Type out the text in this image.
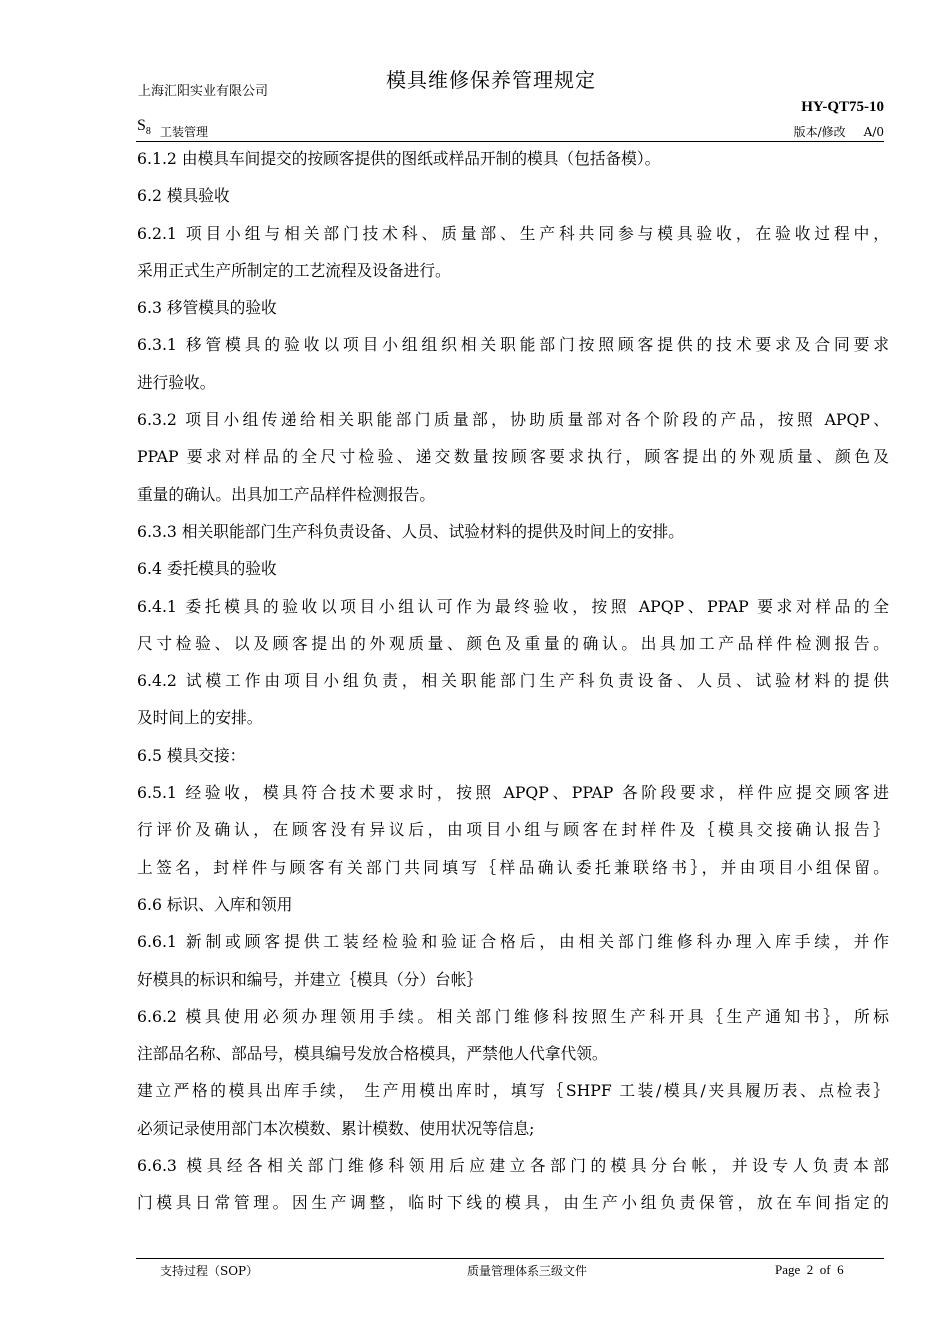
上海汇阳实业有限公司	模具维修保养管理规定
HY-QT75-10
$S_8$ 工装管理	版本/修改 A/0
6.1.2 由模具车间提交的按顾客提供的图纸或样品开制的模具（包括备模）。
6.2 模具验收
6.2.1 项目小组与相关部门技术科、质量部、生产科共同参与模具验收，在验收过程中，
采用正式生产所制定的工艺流程及设备进行。
6.3 移管模具的验收
6.3.1 移管模具的验收以项目小组组织相关职能部门按照顾客提供的技术要求及合同要求
进行验收。
6.3.2 项目小组传递给相关职能部门质量部，协助质量部对各个阶段的产品，按照 APQP、
PPAP 要求对样品的全尺寸检验、递交数量按顾客要求执行，顾客提出的外观质量、颜色及
重量的确认。出具加工产品样件检测报告。
6.3.3 相关职能部门生产科负责设备、人员、试验材料的提供及时间上的安排。
6.4 委托模具的验收
6.4.1 委托模具的验收以项目小组认可作为最终验收，按照 APQP、PPAP 要求对样品的全
尺寸检验、以及顾客提出的外观质量、颜色及重量的确认。出具加工产品样件检测报告。
6.4.2 试模工作由项目小组负责，相关职能部门生产科负责设备、人员、试验材料的提供
及时间上的安排。
6.5 模具交接：
6.5.1 经验收，模具符合技术要求时，按照 APQP、PPAP 各阶段要求，样件应提交顾客进
行评价及确认，在顾客没有异议后，由项目小组与顾客在封样件及｛模具交接确认报告｝
上签名，封样件与顾客有关部门共同填写｛样品确认委托兼联络书｝，并由项目小组保留。
6.6 标识、入库和领用
6.6.1 新制或顾客提供工装经检验和验证合格后，由相关部门维修科办理入库手续，并作
好模具的标识和编号，并建立｛模具（分）台帐｝
6.6.2 模具使用必须办理领用手续。相关部门维修科按照生产科开具｛生产通知书｝，所标
注部品名称、部品号，模具编号发放合格模具，严禁他人代拿代领。
建立严格的模具出库手续， 生产用模出库时，填写｛SHPF 工装/模具/夹具履历表、点检表｝
必须记录使用部门本次模数、累计模数、使用状况等信息;
6.6.3 模具经各相关部门维修科领用后应建立各部门的模具分台帐，并设专人负责本部
门模具日常管理。因生产调整，临时下线的模具，由生产小组负责保管，放在车间指定的
支持过程（SOP）	质量管理体系三级文件	Page  2  of  6
